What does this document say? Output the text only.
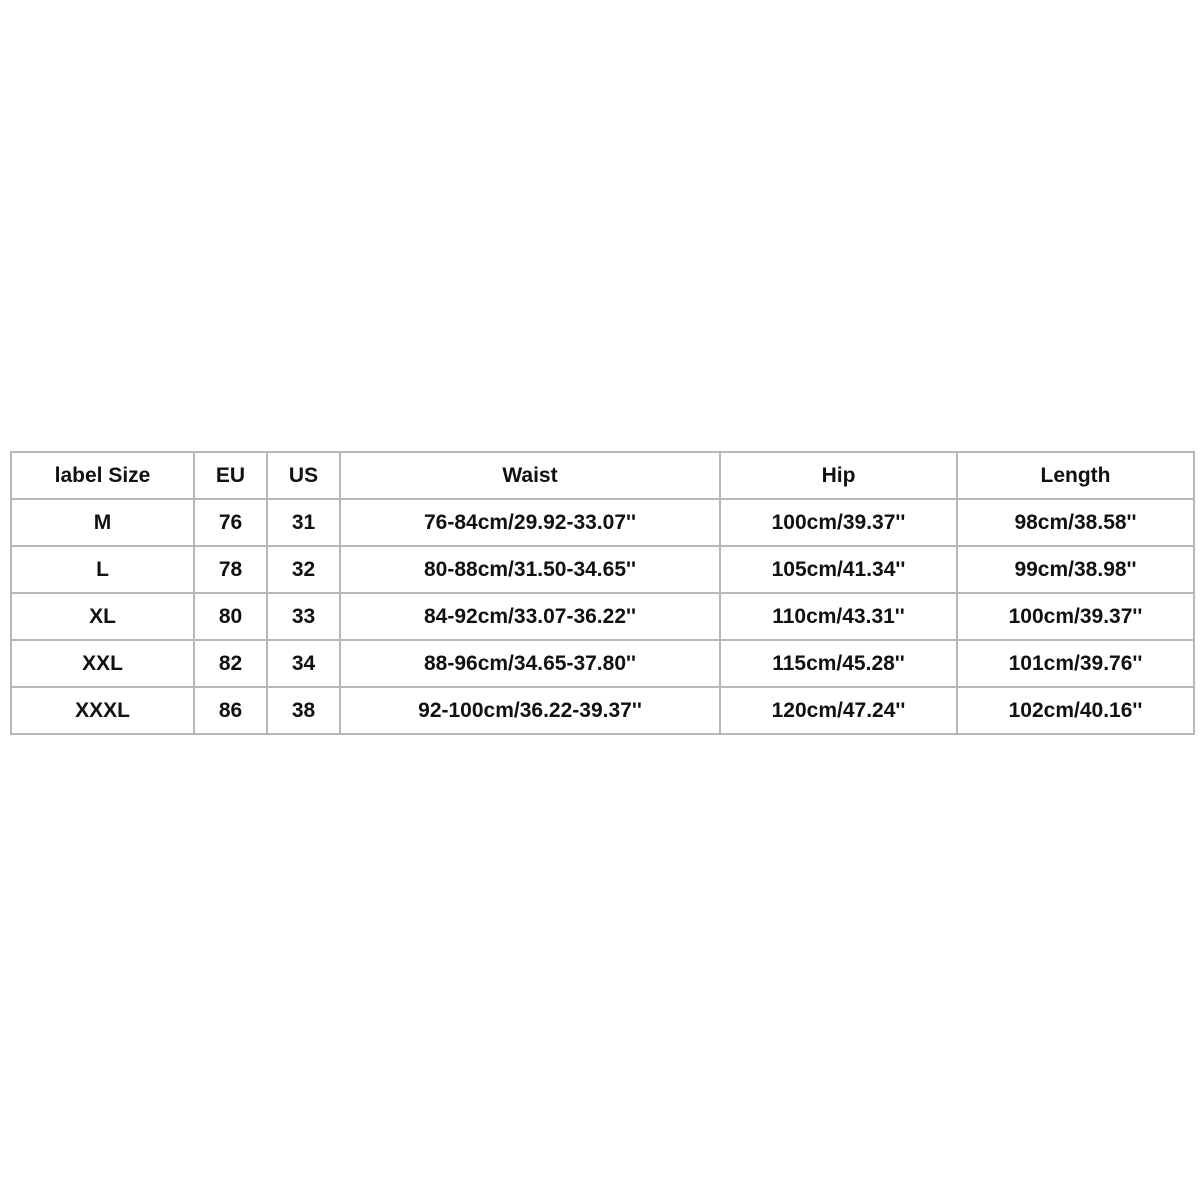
label Size	EU	US	Waist	Hip	Length
M	76	31	76-84cm/29.92-33.07''	100cm/39.37''	98cm/38.58''
L	78	32	80-88cm/31.50-34.65''	105cm/41.34''	99cm/38.98''
XL	80	33	84-92cm/33.07-36.22''	110cm/43.31''	100cm/39.37''
XXL	82	34	88-96cm/34.65-37.80''	115cm/45.28''	101cm/39.76''
XXXL	86	38	92-100cm/36.22-39.37''	120cm/47.24''	102cm/40.16''
